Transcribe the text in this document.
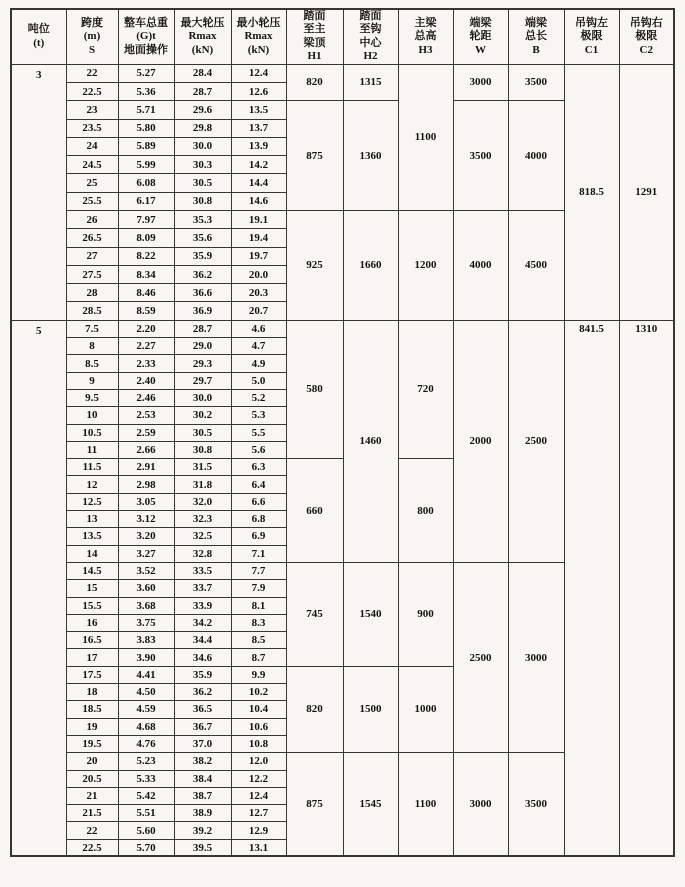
吨位
(t)

跨度
(m)
S

整车总重
(G)t
地面操作

最大轮压
Rmax
(kN)

最小轮压
Rmax
(kN)

踏面
至主
梁顶
H1

踏面
至钩
中心
H2

主梁
总高
H3

端梁
轮距
W

端梁
总长
B

吊钩左
极限
C1

吊钩右
极限
C2

3	22	5.27	28.4	12.4	820	1315	1100	3000	3500	818.5	1291
	22.5	5.36	28.7	12.6							
	23	5.71	29.6	13.5	875	1360		3500	4000		
	23.5	5.80	29.8	13.7							
	24	5.89	30.0	13.9							
	24.5	5.99	30.3	14.2							
	25	6.08	30.5	14.4							
	25.5	6.17	30.8	14.6							
	26	7.97	35.3	19.1	925	1660	1200	4000	4500		
	26.5	8.09	35.6	19.4							
	27	8.22	35.9	19.7							
	27.5	8.34	36.2	20.0							
	28	8.46	36.6	20.3							
	28.5	8.59	36.9	20.7							
5	7.5	2.20	28.7	4.6	580	1460	720	2000	2500	841.5	1310
	8	2.27	29.0	4.7							
	8.5	2.33	29.3	4.9							
	9	2.40	29.7	5.0							
	9.5	2.46	30.0	5.2							
	10	2.53	30.2	5.3							
	10.5	2.59	30.5	5.5							
	11	2.66	30.8	5.6							
	11.5	2.91	31.5	6.3	660		800				
	12	2.98	31.8	6.4							
	12.5	3.05	32.0	6.6							
	13	3.12	32.3	6.8							
	13.5	3.20	32.5	6.9							
	14	3.27	32.8	7.1							
	14.5	3.52	33.5	7.7	745	1540	900	2500	3000		
	15	3.60	33.7	7.9							
	15.5	3.68	33.9	8.1							
	16	3.75	34.2	8.3							
	16.5	3.83	34.4	8.5							
	17	3.90	34.6	8.7							
	17.5	4.41	35.9	9.9	820	1500	1000				
	18	4.50	36.2	10.2							
	18.5	4.59	36.5	10.4							
	19	4.68	36.7	10.6							
	19.5	4.76	37.0	10.8							
	20	5.23	38.2	12.0	875	1545	1100	3000	3500		
	20.5	5.33	38.4	12.2							
	21	5.42	38.7	12.4							
	21.5	5.51	38.9	12.7							
	22	5.60	39.2	12.9							
	22.5	5.70	39.5	13.1							
